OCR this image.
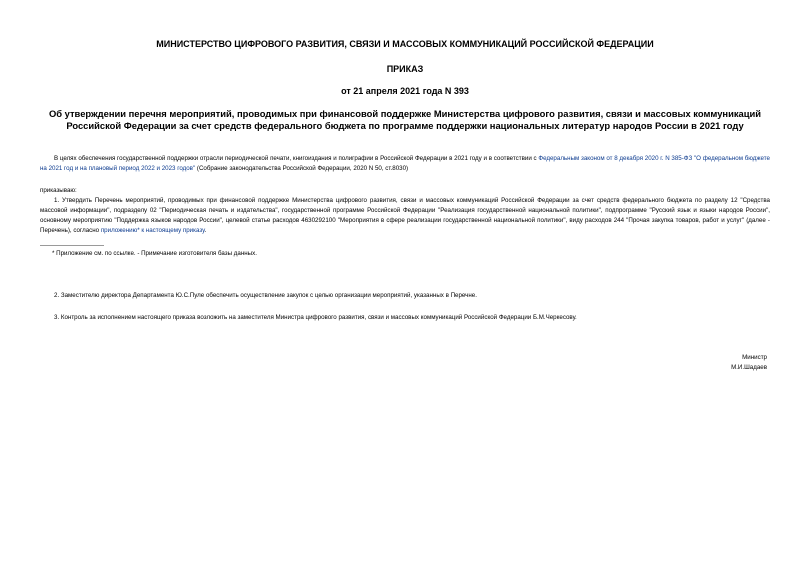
МИНИСТЕРСТВО ЦИФРОВОГО РАЗВИТИЯ, СВЯЗИ И МАССОВЫХ КОММУНИКАЦИЙ РОССИЙСКОЙ ФЕДЕРАЦИИ
ПРИКАЗ
от 21 апреля 2021 года N 393
Об утверждении перечня мероприятий, проводимых при финансовой поддержке Министерства цифрового развития, связи и массовых коммуникаций Российской Федерации за счет средств федерального бюджета по программе поддержки национальных литератур народов России в 2021 году
В целях обеспечения государственной поддержки отрасли периодической печати, книгоиздания и полиграфии в Российской Федерации в 2021 году и в соответствии с Федеральным законом от 8 декабря 2020 г. N 385-ФЗ "О федеральном бюджете на 2021 год и на плановый период 2022 и 2023 годов" (Собрание законодательства Российской Федерации, 2020 N 50, ст.8030)
приказываю:
1. Утвердить Перечень мероприятий, проводимых при финансовой поддержке Министерства цифрового развития, связи и массовых коммуникаций Российской Федерации за счет средств федерального бюджета по разделу 12 "Средства массовой информации", подразделу 02 "Периодическая печать и издательства", государственной программе Российской Федерации "Реализация государственной национальной политики", подпрограмме "Русский язык и языки народов России", основному мероприятию "Поддержка языков народов России", целевой статье расходов 4630292100 "Мероприятия в сфере реализации государственной национальной политики", виду расходов 244 "Прочая закупка товаров, работ и услуг" (далее - Перечень), согласно приложению* к настоящему приказу.
* Приложение см. по ссылке. - Примечание изготовителя базы данных.
2. Заместителю директора Департамента Ю.С.Пуле обеспечить осуществление закупок с целью организации мероприятий, указанных в Перечне.
3. Контроль за исполнением настоящего приказа возложить на заместителя Министра цифрового развития, связи и массовых коммуникаций Российской Федерации Б.М.Черкесову.
Министр
М.И.Шадаев
